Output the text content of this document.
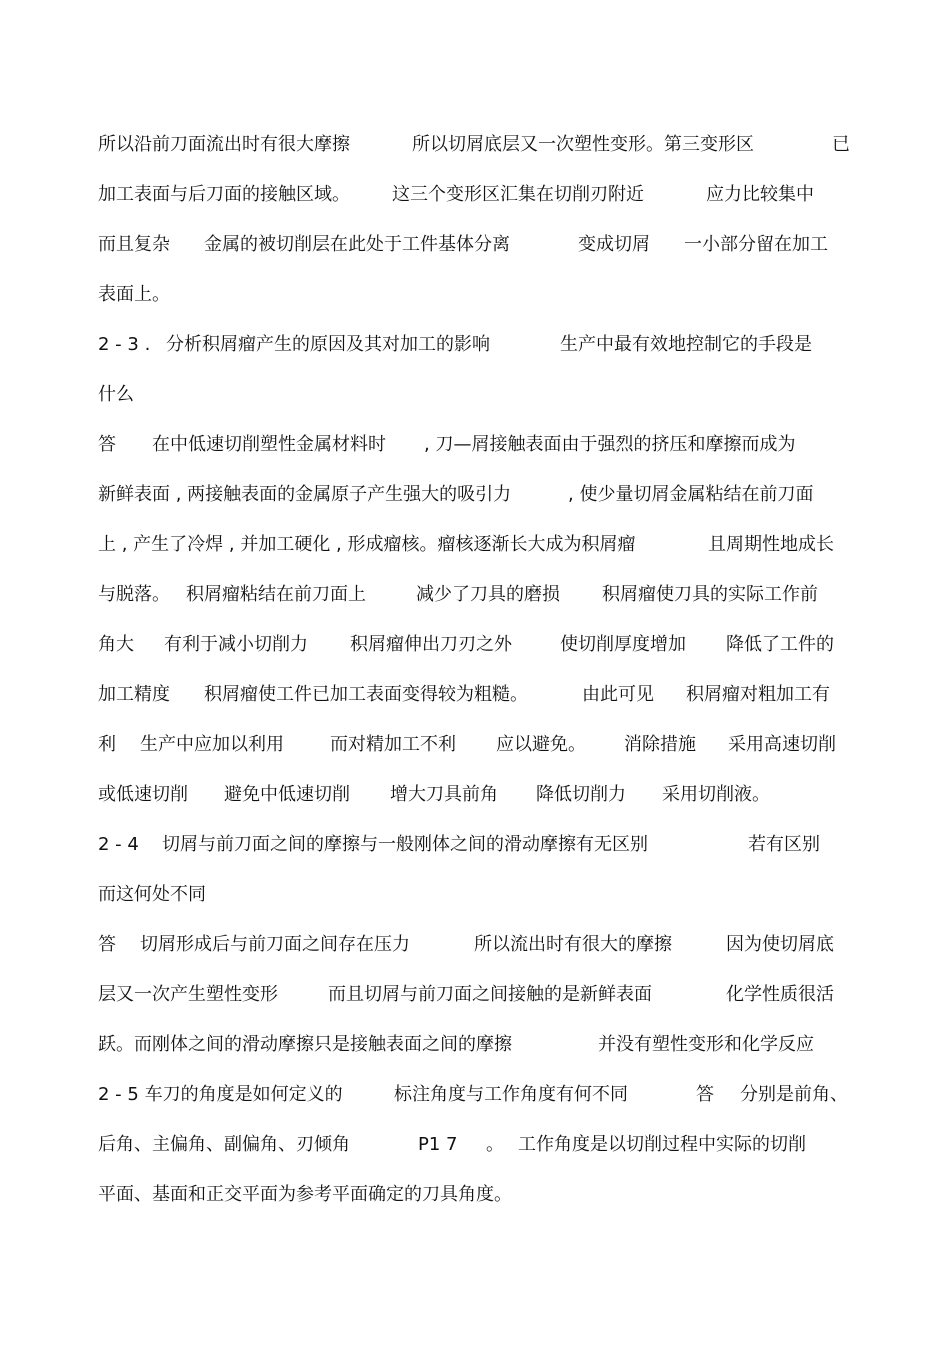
所以沿前刀面流出时有很大摩擦	所以切屑底层又一次塑性变形。第三变形区	已
加工表面与后刀面的接触区域。 这三个变形区汇集在切削刃附近	应力比较集中
而且复杂 金属的被切削层在此处于工件基体分离	变成切屑 一小部分留在加工
表面上。
2 - 3 . 分析积屑瘤产生的原因及其对加工的影响	生产中最有效地控制它的手段是
什么
答 在中低速切削塑性金属材料时 , 刀—屑接触表面由于强烈的挤压和摩擦而成为
新鲜表面 , 两接触表面的金属原子产生强大的吸引力	, 使少量切屑金属粘结在前刀面
上 , 产生了冷焊 , 并加工硬化 , 形成瘤核。瘤核逐渐长大成为积屑瘤	且周期性地成长
与脱落。 积屑瘤粘结在前刀面上	减少了刀具的磨损 积屑瘤使刀具的实际工作前
角大 有利于减小切削力 积屑瘤伸出刀刃之外	使切削厚度增加 降低了工件的
加工精度 积屑瘤使工件已加工表面变得较为粗糙。	由此可见 积屑瘤对粗加工有
利 生产中应加以利用	而对精加工不利 应以避免。 消除措施 采用高速切削
或低速切削 避免中低速切削 增大刀具前角 降低切削力 采用切削液。
2 - 4 切屑与前刀面之间的摩擦与一般刚体之间的滑动摩擦有无区别	若有区别
而这何处不同
答 切屑形成后与前刀面之间存在压力	所以流出时有很大的摩擦	因为使切屑底
层又一次产生塑性变形	而且切屑与前刀面之间接触的是新鲜表面	化学性质很活
跃。而刚体之间的滑动摩擦只是接触表面之间的摩擦	并没有塑性变形和化学反应
2 - 5 车刀的角度是如何定义的	标注角度与工作角度有何不同	答 分别是前角、
后角、主偏角、副偏角、刃倾角	P1 7 。 工作角度是以切削过程中实际的切削
平面、基面和正交平面为参考平面确定的刀具角度。
